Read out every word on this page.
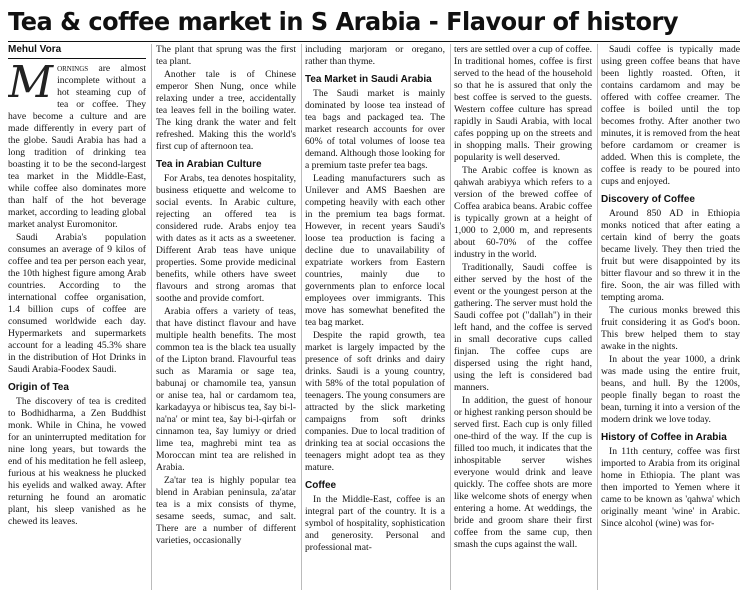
Tea & coffee market in S Arabia - Flavour of history
Mehul Vora

Mornings are almost incomplete without a hot steaming cup of tea or coffee. They have become a culture and are made differently in every part of the globe. Saudi Arabia has had a long tradition of drinking tea boasting it to be the second-largest tea market in the Middle-East, while coffee also dominates more than half of the hot beverage market, according to leading global market analyst Euromonitor.

Saudi Arabia's population consumes an average of 9 kilos of coffee and tea per person each year, the 10th highest figure among Arab countries. According to the international coffee organisation, 1.4 billion cups of coffee are consumed worldwide each day. Hypermarkets and supermarkets account for a leading 45.3% share in the distribution of Hot Drinks in Saudi Arabia-Foodex Saudi.

Origin of Tea

The discovery of tea is credited to Bodhidharma, a Zen Buddhist monk. While in China, he vowed for an uninterrupted meditation for nine long years, but towards the end of his meditation he fell asleep, furious at his weakness he plucked his eyelids and walked away. After returning he found an aromatic plant, his sleep vanished as he chewed its leaves.

The plant that sprung was the first tea plant.

Another tale is of Chinese emperor Shen Nung, once while relaxing under a tree, accidentally tea leaves fell in the boiling water. The king drank the water and felt refreshed. Making this the world's first cup of afternoon tea.

Tea in Arabian Culture

For Arabs, tea denotes hospitality, business etiquette and welcome to social events. In Arabic culture, rejecting an offered tea is considered rude. Arabs enjoy tea with dates as it acts as a sweetener. Different Arab teas have unique properties. Some provide medicinal benefits, while others have sweet flavours and strong aromas that soothe and provide comfort.

Arabia offers a variety of teas, that have distinct flavour and have multiple health benefits. The most common tea is the black tea usually of the Lipton brand. Flavourful teas such as Maramia or sage tea, babunaj or chamomile tea, yansun or anise tea, hal or cardamom tea, karkadayya or hibiscus tea, šay bi-l-na'na' or mint tea, šay bi-l-qirfah or cinnamon tea, šay lumiyy or dried lime tea, maghrebi mint tea as Moroccan mint tea are relished in Arabia.

Za'tar tea is highly popular tea blend in Arabian peninsula, za'atar tea is a mix consists of thyme, sesame seeds, sumac, and salt. There are a number of different varieties, occasionally

including marjoram or oregano, rather than thyme.

Tea Market in Saudi Arabia

The Saudi market is mainly dominated by loose tea instead of tea bags and packaged tea. The market research accounts for over 60% of total volumes of loose tea demand. Although those looking for a premium taste prefer tea bags.

Leading manufacturers such as Unilever and AMS Baeshen are competing heavily with each other in the premium tea bags format. However, in recent years Saudi's loose tea production is facing a decline due to unavailability of expatriate workers from Eastern countries, mainly due to governments plan to enforce local employees over immigrants. This move has somewhat benefited the tea bag market.

Despite the rapid growth, tea market is largely impacted by the presence of soft drinks and dairy drinks. Saudi is a young country, with 58% of the total population of teenagers. The young consumers are attracted by the slick marketing campaigns from soft drinks companies. Due to local tradition of drinking tea at social occasions the teenagers might adopt tea as they mature.

Coffee

In the Middle-East, coffee is an integral part of the country. It is a symbol of hospitality, sophistication and generosity. Personal and professional mat-

ters are settled over a cup of coffee. In traditional homes, coffee is first served to the head of the household so that he is assured that only the best coffee is served to the guests. Western coffee culture has spread rapidly in Saudi Arabia, with local cafes popping up on the streets and in shopping malls. Their growing popularity is well deserved.

The Arabic coffee is known as qahwah arabiyya which refers to a version of the brewed coffee of Coffea arabica beans. Arabic coffee is typically grown at a height of 1,000 to 2,000 m, and represents about 60-70% of the coffee industry in the world.

Traditionally, Saudi coffee is either served by the host of the event or the youngest person at the gathering. The server must hold the Saudi coffee pot ("dallah") in their left hand, and the coffee is served in small decorative cups called finjan. The coffee cups are dispersed using the right hand, using the left is considered bad manners.

In addition, the guest of honour or highest ranking person should be served first. Each cup is only filled one-third of the way. If the cup is filled too much, it indicates that the inhospitable server wishes everyone would drink and leave quickly. The coffee shots are more like welcome shots of energy when entering a home. At weddings, the bride and groom share their first coffee from the same cup, then smash the cups against the wall.

Saudi coffee is typically made using green coffee beans that have been lightly roasted. Often, it contains cardamom and may be offered with coffee creamer. The coffee is boiled until the top becomes frothy. After another two minutes, it is removed from the heat before cardamom or creamer is added. When this is complete, the coffee is ready to be poured into cups and enjoyed.

Discovery of Coffee

Around 850 AD in Ethiopia monks noticed that after eating a certain kind of berry the goats became lively. They then tried the fruit but were disappointed by its bitter flavour and so threw it in the fire. Soon, the air was filled with tempting aroma.

The curious monks brewed this fruit considering it as God's boon. This brew helped them to stay awake in the nights.

In about the year 1000, a drink was made using the entire fruit, beans, and hull. By the 1200s, people finally began to roast the bean, turning it into a version of the modern drink we love today.

History of Coffee in Arabia

In 11th century, coffee was first imported to Arabia from its original home in Ethiopia. The plant was then imported to Yemen where it came to be known as 'qahwa' which originally meant 'wine' in Arabic. Since alcohol (wine) was for-
